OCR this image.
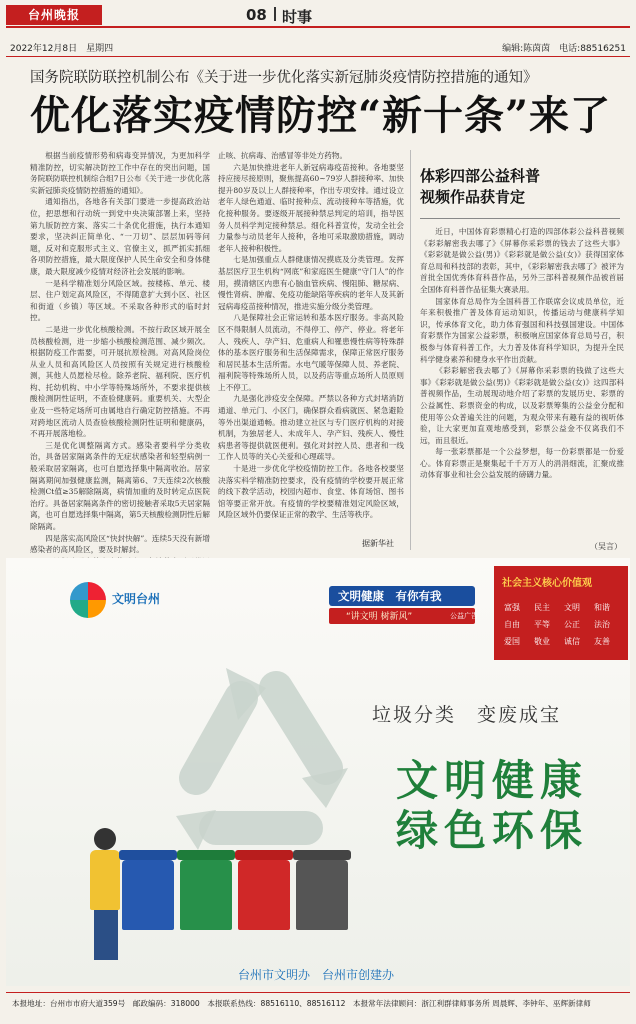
台州晚报	08 时事
2022年12月8日　星期四	编辑:陈茵茵　电话:88516251
国务院联防联控机制公布《关于进一步优化落实新冠肺炎疫情防控措施的通知》
优化落实疫情防控“新十条”来了

根据当前疫情形势和病毒变异情况，为更加科学精准防控，切实解决防控工作中存在的突出问题，国务院联防联控机制综合组7日公布《关于进一步优化落实新冠肺炎疫情防控措施的通知》。

通知指出，各地各有关部门要进一步提高政治站位，把思想和行动统一到党中央决策部署上来，坚持第九版防控方案、落实二十条优化措施，执行本通知要求，坚决纠正简单化、“一刀切”、层层加码等问题，反对和克服形式主义、官僚主义，抓严抓实抓细各项防控措施，最大限度保护人民生命安全和身体健康，最大限度减少疫情对经济社会发展的影响。

一是科学精准划分风险区域。按楼栋、单元、楼层、住户划定高风险区，不得随意扩大到小区、社区和街道（乡镇）等区域。不采取各种形式的临时封控。

二是进一步优化核酸检测。不按行政区域开展全员核酸检测，进一步缩小核酸检测范围、减少频次。根据防疫工作需要，可开展抗原检测。对高风险岗位从业人员和高风险区人员按照有关规定进行核酸检测，其他人员愿检尽检。除养老院、福利院、医疗机构、托幼机构、中小学等特殊场所外，不要求提供核酸检测阴性证明，不查验健康码。重要机关、大型企业及一些特定场所可由属地自行确定防控措施。不再对跨地区流动人员查验核酸检测阴性证明和健康码，不再开展落地检。

三是优化调整隔离方式。感染者要科学分类收治，具备居家隔离条件的无症状感染者和轻型病例一般采取居家隔离，也可自愿选择集中隔离收治。居家隔离期间加强健康监测，隔离第6、7天连续2次核酸检测Ct值≥35解除隔离，病情加重的及时转定点医院治疗。具备居家隔离条件的密切接触者采取5天居家隔离，也可自愿选择集中隔离，第5天核酸检测阴性后解除隔离。

四是落实高风险区“快封快解”。连续5天没有新增感染者的高风险区，要及时解封。

止咳、抗病毒、治感冒等非处方药物。

六是加快推进老年人新冠病毒疫苗接种。各地要坚持应接尽接原则，聚焦提高60~79岁人群接种率、加快提升80岁及以上人群接种率，作出专项安排。通过设立老年人绿色通道、临时接种点、流动接种车等措施，优化接种服务。要逐级开展接种禁忌判定的培训，指导医务人员科学判定接种禁忌。细化科普宣传，发动全社会力量参与动员老年人接种，各地可采取激励措施，调动老年人接种积极性。

七是加强重点人群健康情况摸底及分类管理。发挥基层医疗卫生机构“网底”和家庭医生健康“守门人”的作用，摸清辖区内患有心脑血管疾病、慢阻肺、糖尿病、慢性肾病、肿瘤、免疫功能缺陷等疾病的老年人及其新冠病毒疫苗接种情况，推进实施分级分类管理。

八是保障社会正常运转和基本医疗服务。非高风险区不得限制人员流动，不得停工、停产、停业。将老年人、残疾人、孕产妇、危重病人和罹患慢性病等特殊群体的基本医疗服务和生活保障需求，保障正常医疗服务和居民基本生活所需。水电气暖等保障人员、养老院、福利院等特殊场所人员，以及药店等重点场所人员原则上不停工。

九是强化涉疫安全保障。严禁以各种方式封堵消防通道、单元门、小区门，确保群众看病就医、紧急避险等外出渠道通畅。推动建立社区与专门医疗机构的对接机制，为独居老人、未成年人、孕产妇、残疾人、慢性病患者等提供就医便利。强化对封控人员、患者和一线工作人员等的关心关爱和心理疏导。

十是进一步优化学校疫情防控工作。各地各校要坚决落实科学精准防控要求，没有疫情的学校要开展正常的线下教学活动，校园内超市、食堂、体育场馆、图书馆等要正常开放。有疫情的学校要精准划定风险区域，风险区域外仍要保证正常的教学、生活等秩序。

据新华社
体彩四部公益科普
视频作品获肯定

近日，中国体育彩票精心打造的四部体彩公益科普视频《彩彩解密我去哪了》《屏幕你采彩票的钱去了这些大事》《彩彩就是做公益(男)》《彩彩就是做公益(女)》获得国家体育总局和科技部的表彰，其中，《彩彩解密我去哪了》被评为首批全国优秀体育科普作品，另外三部科普视频作品被首届全国体育科普作品征集大赛录用。

国家体育总局作为全国科普工作联席会议成员单位，近年来积极推广普及体育运动知识，传播运动与健康科学知识，传承体育文化，助力体育强国和科技强国建设。中国体育彩票作为国家公益彩票，积极响应国家体育总局号召，积极参与体育科普工作，大力普及体育科学知识，为提升全民科学健身素养和健身水平作出贡献。

《彩彩解密我去哪了》《屏幕你采彩票的钱做了这些大事》《彩彩就是做公益(男)》《彩彩就是做公益(女)》这四部科普视频作品，生动展现动地介绍了彩票的发展历史、彩票的公益属性、彩票资金的构成，以及彩票筹集的公益金分配和使用等公众普遍关注的问题，为观众带来有趣有益的视听体验，让大家更加直观地感受到，彩票公益金不仅离我们不远，而且很近。

每一张彩票都是一个公益梦想，每一份彩票都是一份爱心。体育彩票正是聚集起千千万万人的涓涓细流，汇聚成推动体育事业和社会公益发展的磅礴力量。

（吴言）
文明台州	文明健康　有你有我
“讲文明 树新风”	公益广告
社会主义核心价值观
富强	民主	文明	和谐
自由	平等	公正	法治
爱国	敬业	诚信	友善
垃圾分类　变废成宝
文明健康
绿色环保
台州市文明办　台州市创建办
本报地址：台州市市府大道359号　邮政编码：318000　本报联系热线：88516110、88516112　本报常年法律顾问：浙江利群律师事务所 周晨辉、李钟年、巫辉新律师
